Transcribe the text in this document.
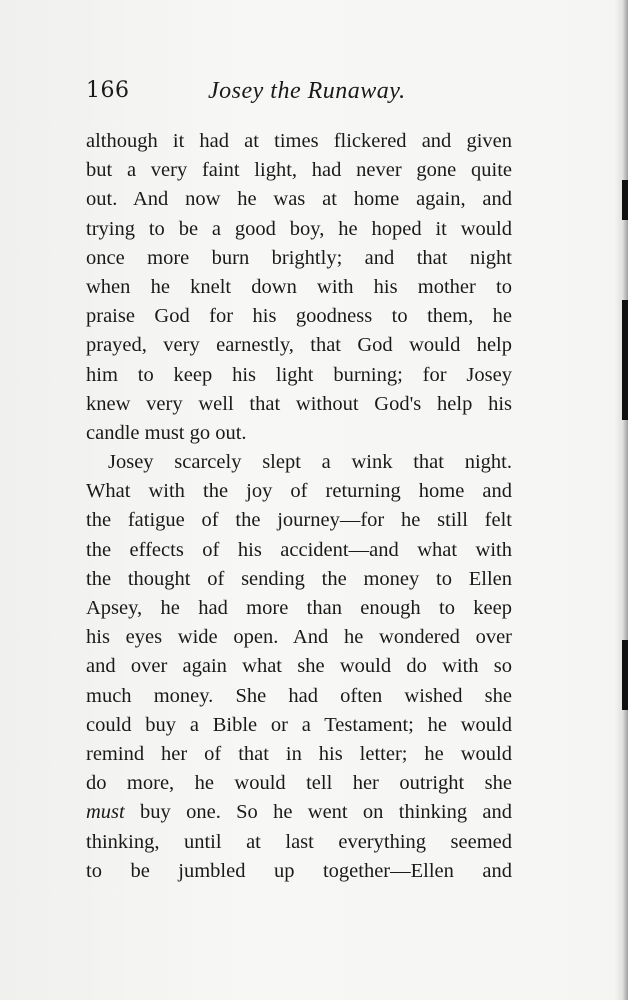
166	Josey the Runaway.
although it had at times flickered and given
but a very faint light, had never gone quite
out. And now he was at home again, and
trying to be a good boy, he hoped it would
once more burn brightly; and that night
when he knelt down with his mother to
praise God for his goodness to them, he
prayed, very earnestly, that God would help
him to keep his light burning; for Josey
knew very well that without God's help his
candle must go out.
Josey scarcely slept a wink that night.
What with the joy of returning home and
the fatigue of the journey—for he still felt
the effects of his accident—and what with
the thought of sending the money to Ellen
Apsey, he had more than enough to keep
his eyes wide open. And he wondered over
and over again what she would do with so
much money. She had often wished she
could buy a Bible or a Testament; he would
remind her of that in his letter; he would
do more, he would tell her outright she
must buy one. So he went on thinking and
thinking, until at last everything seemed
to be jumbled up together—Ellen and
